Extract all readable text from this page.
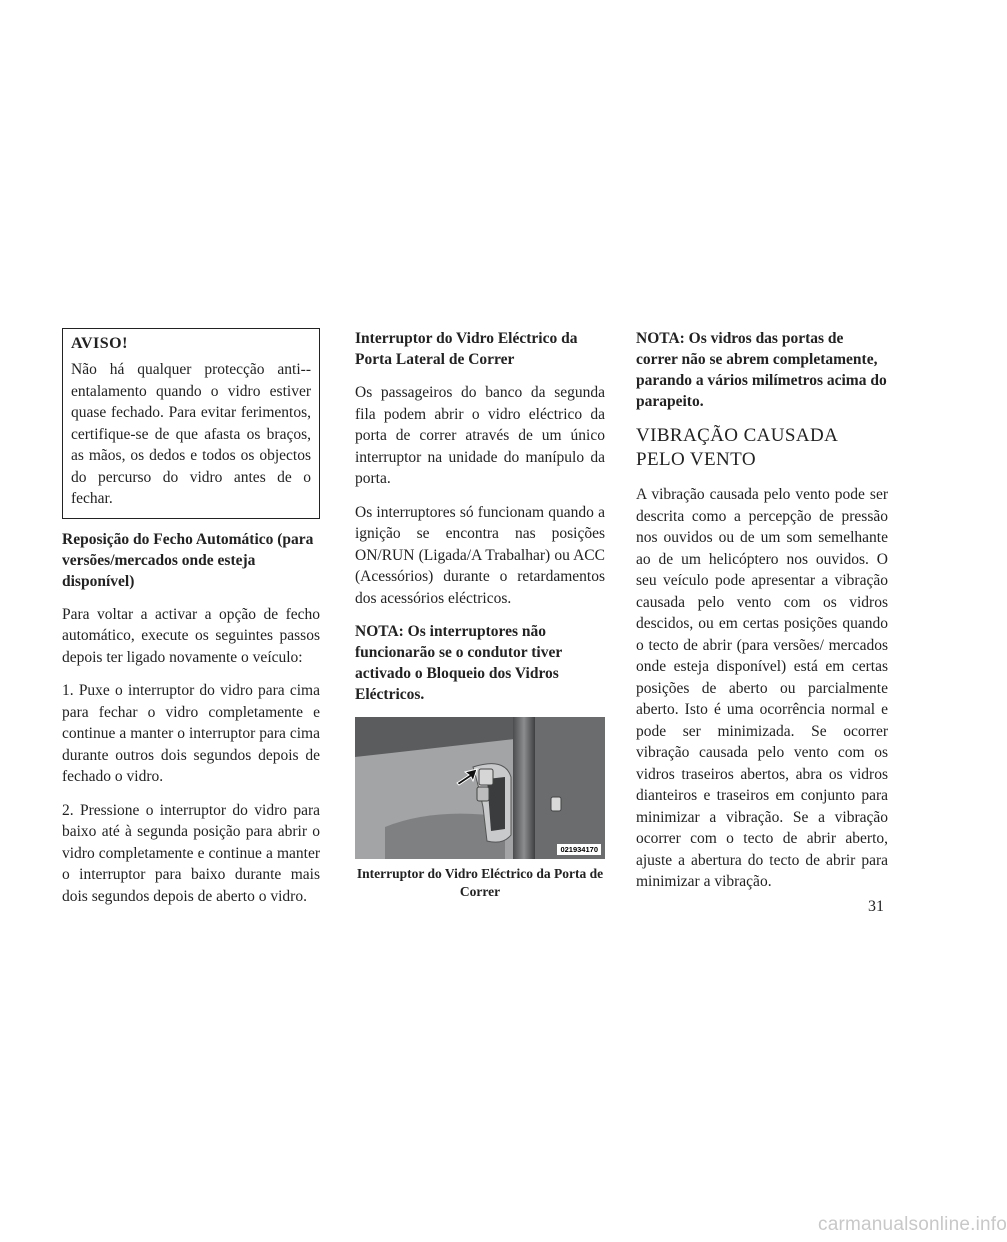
AVISO!

Não há qualquer protecção anti--entalamento quando o vidro estiver quase fechado. Para evitar ferimentos, certifique-se de que afasta os braços, as mãos, os dedos e todos os objectos do percurso do vidro antes de o fechar.

Reposição do Fecho Automático (para versões/mercados onde esteja disponível)

Para voltar a activar a opção de fecho automático, execute os seguintes passos depois ter ligado novamente o veículo:

1. Puxe o interruptor do vidro para cima para fechar o vidro completamente e continue a manter o interruptor para cima durante outros dois segundos depois de fechado o vidro.

2. Pressione o interruptor do vidro para baixo até à segunda posição para abrir o vidro completamente e continue a manter o interruptor para baixo durante mais dois segundos depois de aberto o vidro.

Interruptor do Vidro Eléctrico da Porta Lateral de Correr

Os passageiros do banco da segunda fila podem abrir o vidro eléctrico da porta de correr através de um único interruptor na unidade do manípulo da porta.

Os interruptores só funcionam quando a ignição se encontra nas posições ON/RUN (Ligada/A Trabalhar) ou ACC (Acessórios) durante o retardamentos dos acessórios eléctricos.

NOTA: Os interruptores não funcionarão se o condutor tiver activado o Bloqueio dos Vidros Eléctricos.

021934170

Interruptor do Vidro Eléctrico da Porta de Correr

NOTA: Os vidros das portas de correr não se abrem completamente, parando a vários milímetros acima do parapeito.

VIBRAÇÃO CAUSADA PELO VENTO

A vibração causada pelo vento pode ser descrita como a percepção de pressão nos ouvidos ou de um som semelhante ao de um helicóptero nos ouvidos. O seu veículo pode apresentar a vibração causada pelo vento com os vidros descidos, ou em certas posições quando o tecto de abrir (para versões/ mercados onde esteja disponível) está em certas posições de aberto ou parcialmente aberto. Isto é uma ocorrência normal e pode ser minimizada. Se ocorrer vibração causada pelo vento com os vidros traseiros abertos, abra os vidros dianteiros e traseiros em conjunto para minimizar a vibração. Se a vibração ocorrer com o tecto de abrir aberto, ajuste a abertura do tecto de abrir para minimizar a vibração.

31
carmanualsonline.info
